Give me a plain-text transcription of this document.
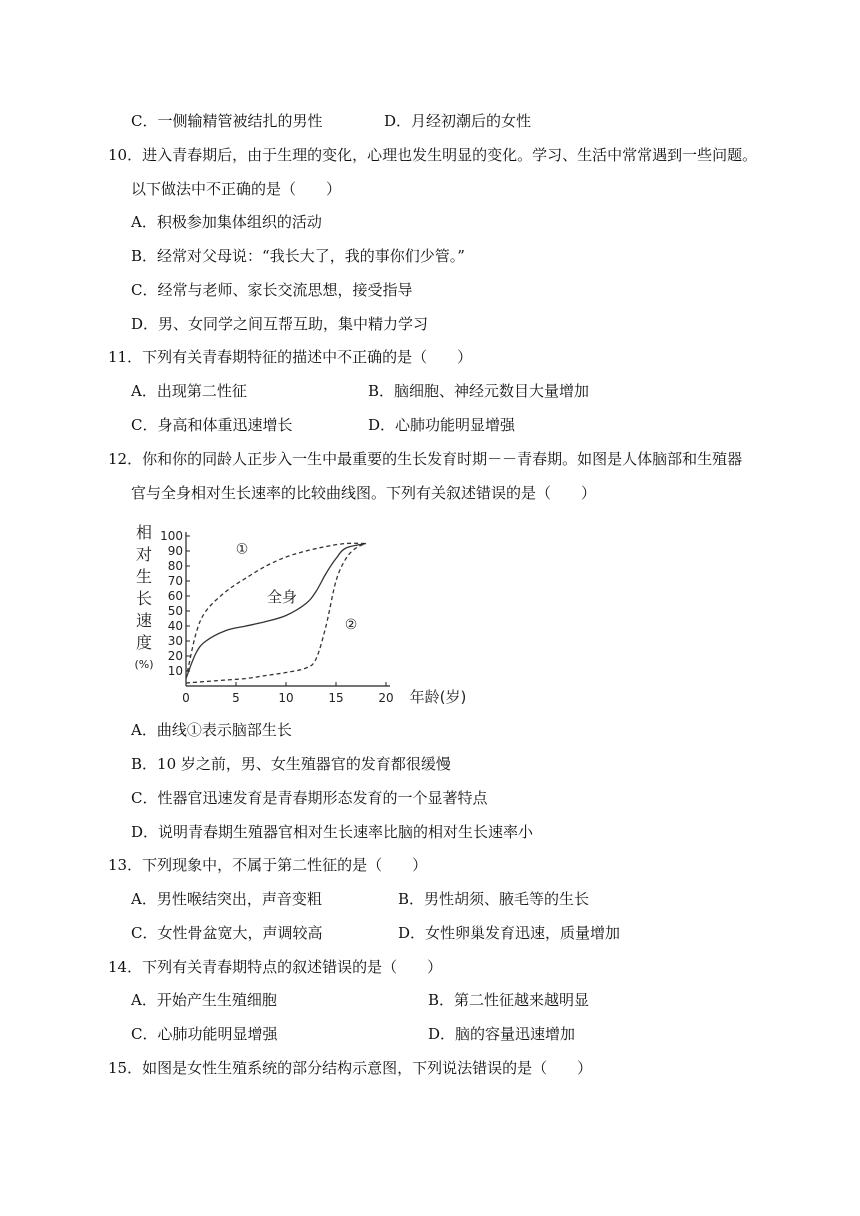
C．一侧输精管被结扎的男性	D．月经初潮后的女性
10．进入青春期后，由于生理的变化，心理也发生明显的变化。学习、生活中常常遇到一些问题。
以下做法中不正确的是（　　）
A．积极参加集体组织的活动
B．经常对父母说：“我长大了，我的事你们少管。”
C．经常与老师、家长交流思想，接受指导
D．男、女同学之间互帮互助，集中精力学习
11．下列有关青春期特征的描述中不正确的是（　　）
A．出现第二性征	B．脑细胞、神经元数目大量增加
C．身高和体重迅速增长	D．心肺功能明显增强
12．你和你的同龄人正步入一生中最重要的生长发育时期－－青春期。如图是人体脑部和生殖器
官与全身相对生长速率的比较曲线图。下列有关叙述错误的是（　　）
10
20
30
40
50
60
70
80
90
100
0	5	10	15	20
相
对
生
长
速
度
(%)
年龄(岁)
①
全身
②
A．曲线①表示脑部生长
B．10 岁之前，男、女生殖器官的发育都很缓慢
C．性器官迅速发育是青春期形态发育的一个显著特点
D．说明青春期生殖器官相对生长速率比脑的相对生长速率小
13．下列现象中，不属于第二性征的是（　　）
A．男性喉结突出，声音变粗	B．男性胡须、腋毛等的生长
C．女性骨盆宽大，声调较高	D．女性卵巢发育迅速，质量增加
14．下列有关青春期特点的叙述错误的是（　　）
A．开始产生生殖细胞	B．第二性征越来越明显
C．心肺功能明显增强	D．脑的容量迅速增加
15．如图是女性生殖系统的部分结构示意图，下列说法错误的是（　　）
